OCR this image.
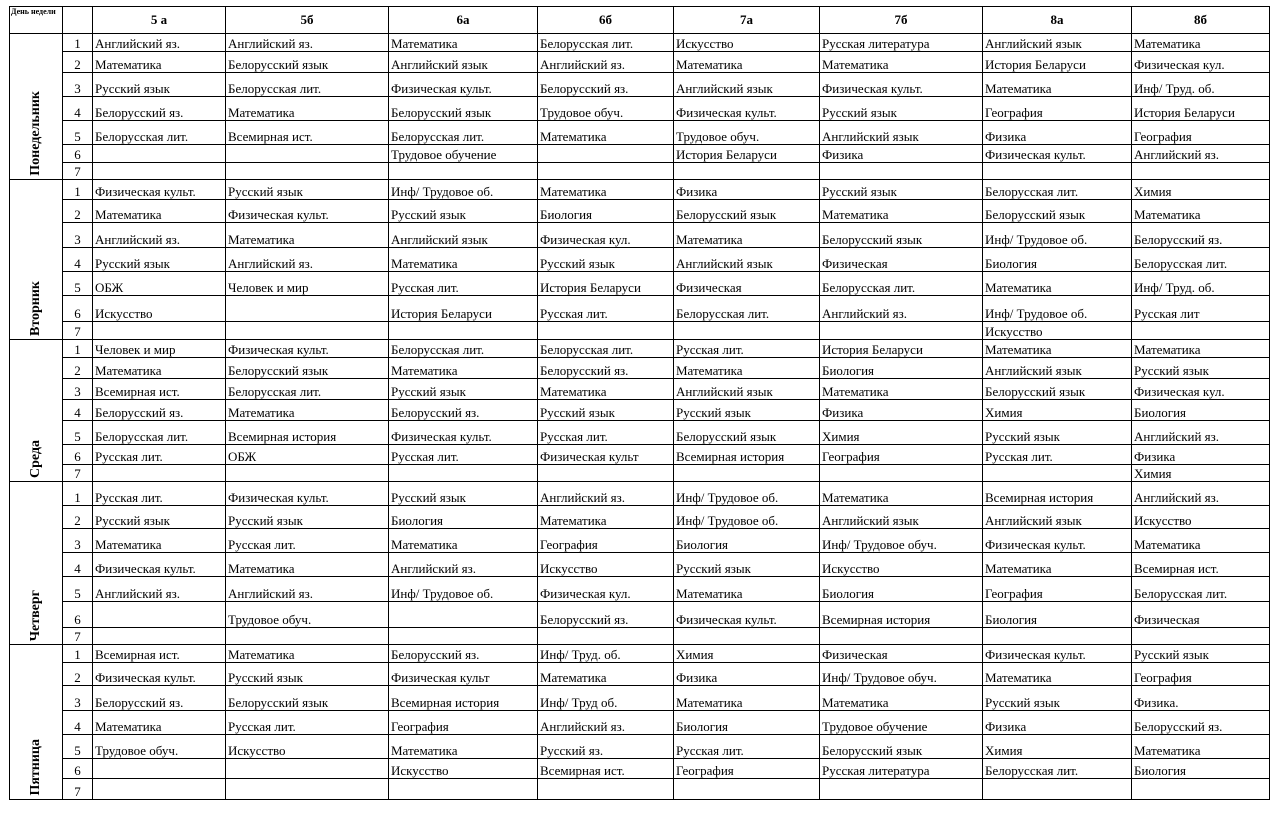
День недели		5 а	5б	6а	6б	7а	7б	8а	8б
Понедельник	1	Английский яз.	Английский яз.	Математика	Белорусская лит.	Искусство	Русская литература	Английский язык	Математика
	2	Математика	Белорусский язык	Английский язык	Английский яз.	Математика	Математика	История Беларуси	Физическая кул.
	3	Русский язык	Белорусская лит.	Физическая культ.	Белорусский яз.	Английский язык	Физическая культ.	Математика	Инф/ Труд. об.
	4	Белорусский яз.	Математика	Белорусский язык	Трудовое обуч.	Физическая культ.	Русский язык	География	История Беларуси
	5	Белорусская лит.	Всемирная ист.	Белорусская лит.	Математика	Трудовое обуч.	Английский язык	Физика	География
	6			Трудовое обучение		История Беларуси	Физика	Физическая культ.	Английский яз.
	7								
Вторник	1	Физическая культ.	Русский язык	Инф/ Трудовое об.	Математика	Физика	Русский язык	Белорусская лит.	Химия
	2	Математика	Физическая культ.	Русский язык	Биология	Белорусский язык	Математика	Белорусский язык	Математика
	3	Английский яз.	Математика	Английский язык	Физическая кул.	Математика	Белорусский язык	Инф/ Трудовое об.	Белорусский яз.
	4	Русский язык	Английский яз.	Математика	Русский язык	Английский язык	Физическая	Биология	Белорусская лит.
	5	ОБЖ	Человек и мир	Русская лит.	История Беларуси	Физическая	Белорусская лит.	Математика	Инф/ Труд. об.
	6	Искусство		История Беларуси	Русская лит.	Белорусская лит.	Английский яз.	Инф/ Трудовое об.	Русская лит
	7							Искусство	
Среда	1	Человек и мир	Физическая культ.	Белорусская лит.	Белорусская лит.	Русская лит.	История Беларуси	Математика	Математика
	2	Математика	Белорусский язык	Математика	Белорусский яз.	Математика	Биология	Английский язык	Русский язык
	3	Всемирная ист.	Белорусская лит.	Русский язык	Математика	Английский язык	Математика	Белорусский язык	Физическая кул.
	4	Белорусский яз.	Математика	Белорусский яз.	Русский язык	Русский язык	Физика	Химия	Биология
	5	Белорусская лит.	Всемирная история	Физическая культ.	Русская лит.	Белорусский язык	Химия	Русский язык	Английский яз.
	6	Русская лит.	ОБЖ	Русская лит.	Физическая культ	Всемирная история	География	Русская лит.	Физика
	7								Химия
Четверг	1	Русская лит.	Физическая культ.	Русский язык	Английский яз.	Инф/ Трудовое об.	Математика	Всемирная история	Английский яз.
	2	Русский язык	Русский язык	Биология	Математика	Инф/ Трудовое об.	Английский язык	Английский язык	Искусство
	3	Математика	Русская лит.	Математика	География	Биология	Инф/ Трудовое обуч.	Физическая культ.	Математика
	4	Физическая культ.	Математика	Английский яз.	Искусство	Русский язык	Искусство	Математика	Всемирная ист.
	5	Английский яз.	Английский яз.	Инф/ Трудовое об.	Физическая кул.	Математика	Биология	География	Белорусская лит.
	6		Трудовое обуч.		Белорусский яз.	Физическая культ.	Всемирная история	Биология	Физическая
	7								
Пятница	1	Всемирная ист.	Математика	Белорусский яз.	Инф/ Труд. об.	Химия	Физическая	Физическая культ.	Русский язык
	2	Физическая культ.	Русский язык	Физическая культ	Математика	Физика	Инф/ Трудовое обуч.	Математика	География
	3	Белорусский яз.	Белорусский язык	Всемирная история	Инф/ Труд об.	Математика	Математика	Русский язык	Физика.
	4	Математика	Русская лит.	География	Английский яз.	Биология	Трудовое обучение	Физика	Белорусский яз.
	5	Трудовое обуч.	Искусство	Математика	Русский яз.	Русская лит.	Белорусский язык	Химия	Математика
	6			Искусство	Всемирная ист.	География	Русская литература	Белорусская лит.	Биология
	7								
